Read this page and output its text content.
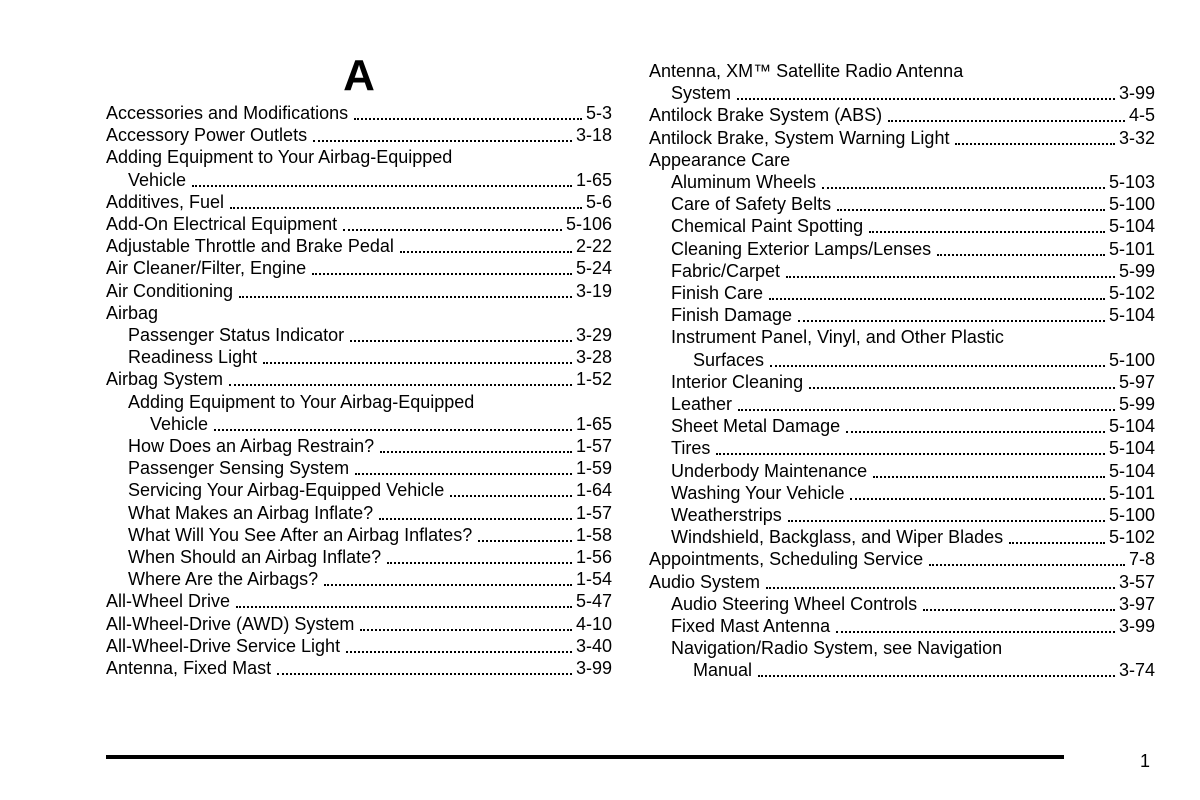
A
Accessories and Modifications	5-3
Accessory Power Outlets	3-18
Adding Equipment to Your Airbag-Equipped
Vehicle	1-65
Additives, Fuel	5-6
Add-On Electrical Equipment	5-106
Adjustable Throttle and Brake Pedal	2-22
Air Cleaner/Filter, Engine	5-24
Air Conditioning	3-19
Airbag
Passenger Status Indicator	3-29
Readiness Light	3-28
Airbag System	1-52
Adding Equipment to Your Airbag-Equipped
Vehicle	1-65
How Does an Airbag Restrain?	1-57
Passenger Sensing System	1-59
Servicing Your Airbag-Equipped Vehicle	1-64
What Makes an Airbag Inflate?	1-57
What Will You See After an Airbag Inflates?	1-58
When Should an Airbag Inflate?	1-56
Where Are the Airbags?	1-54
All-Wheel Drive	5-47
All-Wheel-Drive (AWD) System	4-10
All-Wheel-Drive Service Light	3-40
Antenna, Fixed Mast	3-99
Antenna, XM™ Satellite Radio Antenna
System	3-99
Antilock Brake System (ABS)	4-5
Antilock Brake, System Warning Light	3-32
Appearance Care
Aluminum Wheels	5-103
Care of Safety Belts	5-100
Chemical Paint Spotting	5-104
Cleaning Exterior Lamps/Lenses	5-101
Fabric/Carpet	5-99
Finish Care	5-102
Finish Damage	5-104
Instrument Panel, Vinyl, and Other Plastic
Surfaces	5-100
Interior Cleaning	5-97
Leather	5-99
Sheet Metal Damage	5-104
Tires	5-104
Underbody Maintenance	5-104
Washing Your Vehicle	5-101
Weatherstrips	5-100
Windshield, Backglass, and Wiper Blades	5-102
Appointments, Scheduling Service	7-8
Audio System	3-57
Audio Steering Wheel Controls	3-97
Fixed Mast Antenna	3-99
Navigation/Radio System, see Navigation
Manual	3-74
1
